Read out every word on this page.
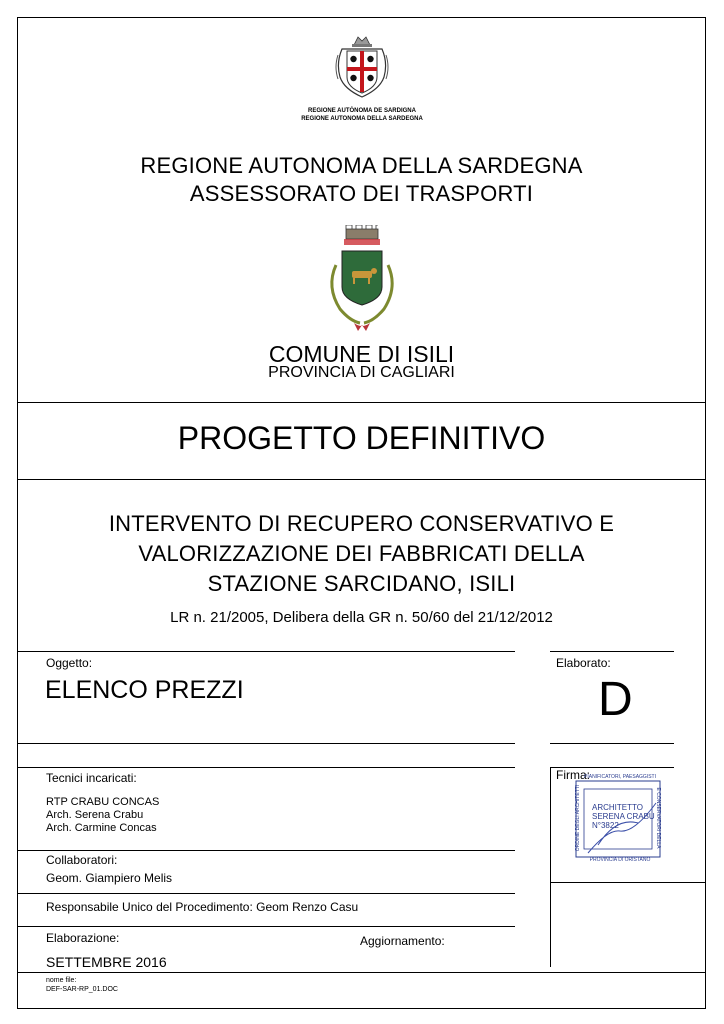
REGIONE AUTÒNOMA DE SARDIGNA
REGIONE AUTONOMA DELLA SARDEGNA
REGIONE AUTONOMA DELLA SARDEGNA
ASSESSORATO DEI TRASPORTI
COMUNE DI ISILI
PROVINCIA DI CAGLIARI
PROGETTO DEFINITIVO
INTERVENTO DI RECUPERO CONSERVATIVO E
VALORIZZAZIONE DEI FABBRICATI DELLA
STAZIONE SARCIDANO, ISILI
LR n. 21/2005, Delibera della GR n. 50/60 del 21/12/2012
Oggetto:
ELENCO PREZZI
Elaborato:
D
Tecnici incaricati:
RTP CRABU CONCAS
Arch. Serena Crabu
Arch. Carmine Concas
Firma:
PIANIFICATORI, PAESAGGISTI
ORDINE DEGLI ARCHITETTI	E CONSERVATORI DELLA
PROVINCIA DI ORISTANO
ARCHITETTO
SERENA CRABU
N°3822
Collaboratori:
Geom. Giampiero Melis
Responsabile Unico del Procedimento: Geom Renzo Casu
Elaborazione:	Aggiornamento:
SETTEMBRE 2016
nome file:
DEF-SAR-RP_01.DOC
